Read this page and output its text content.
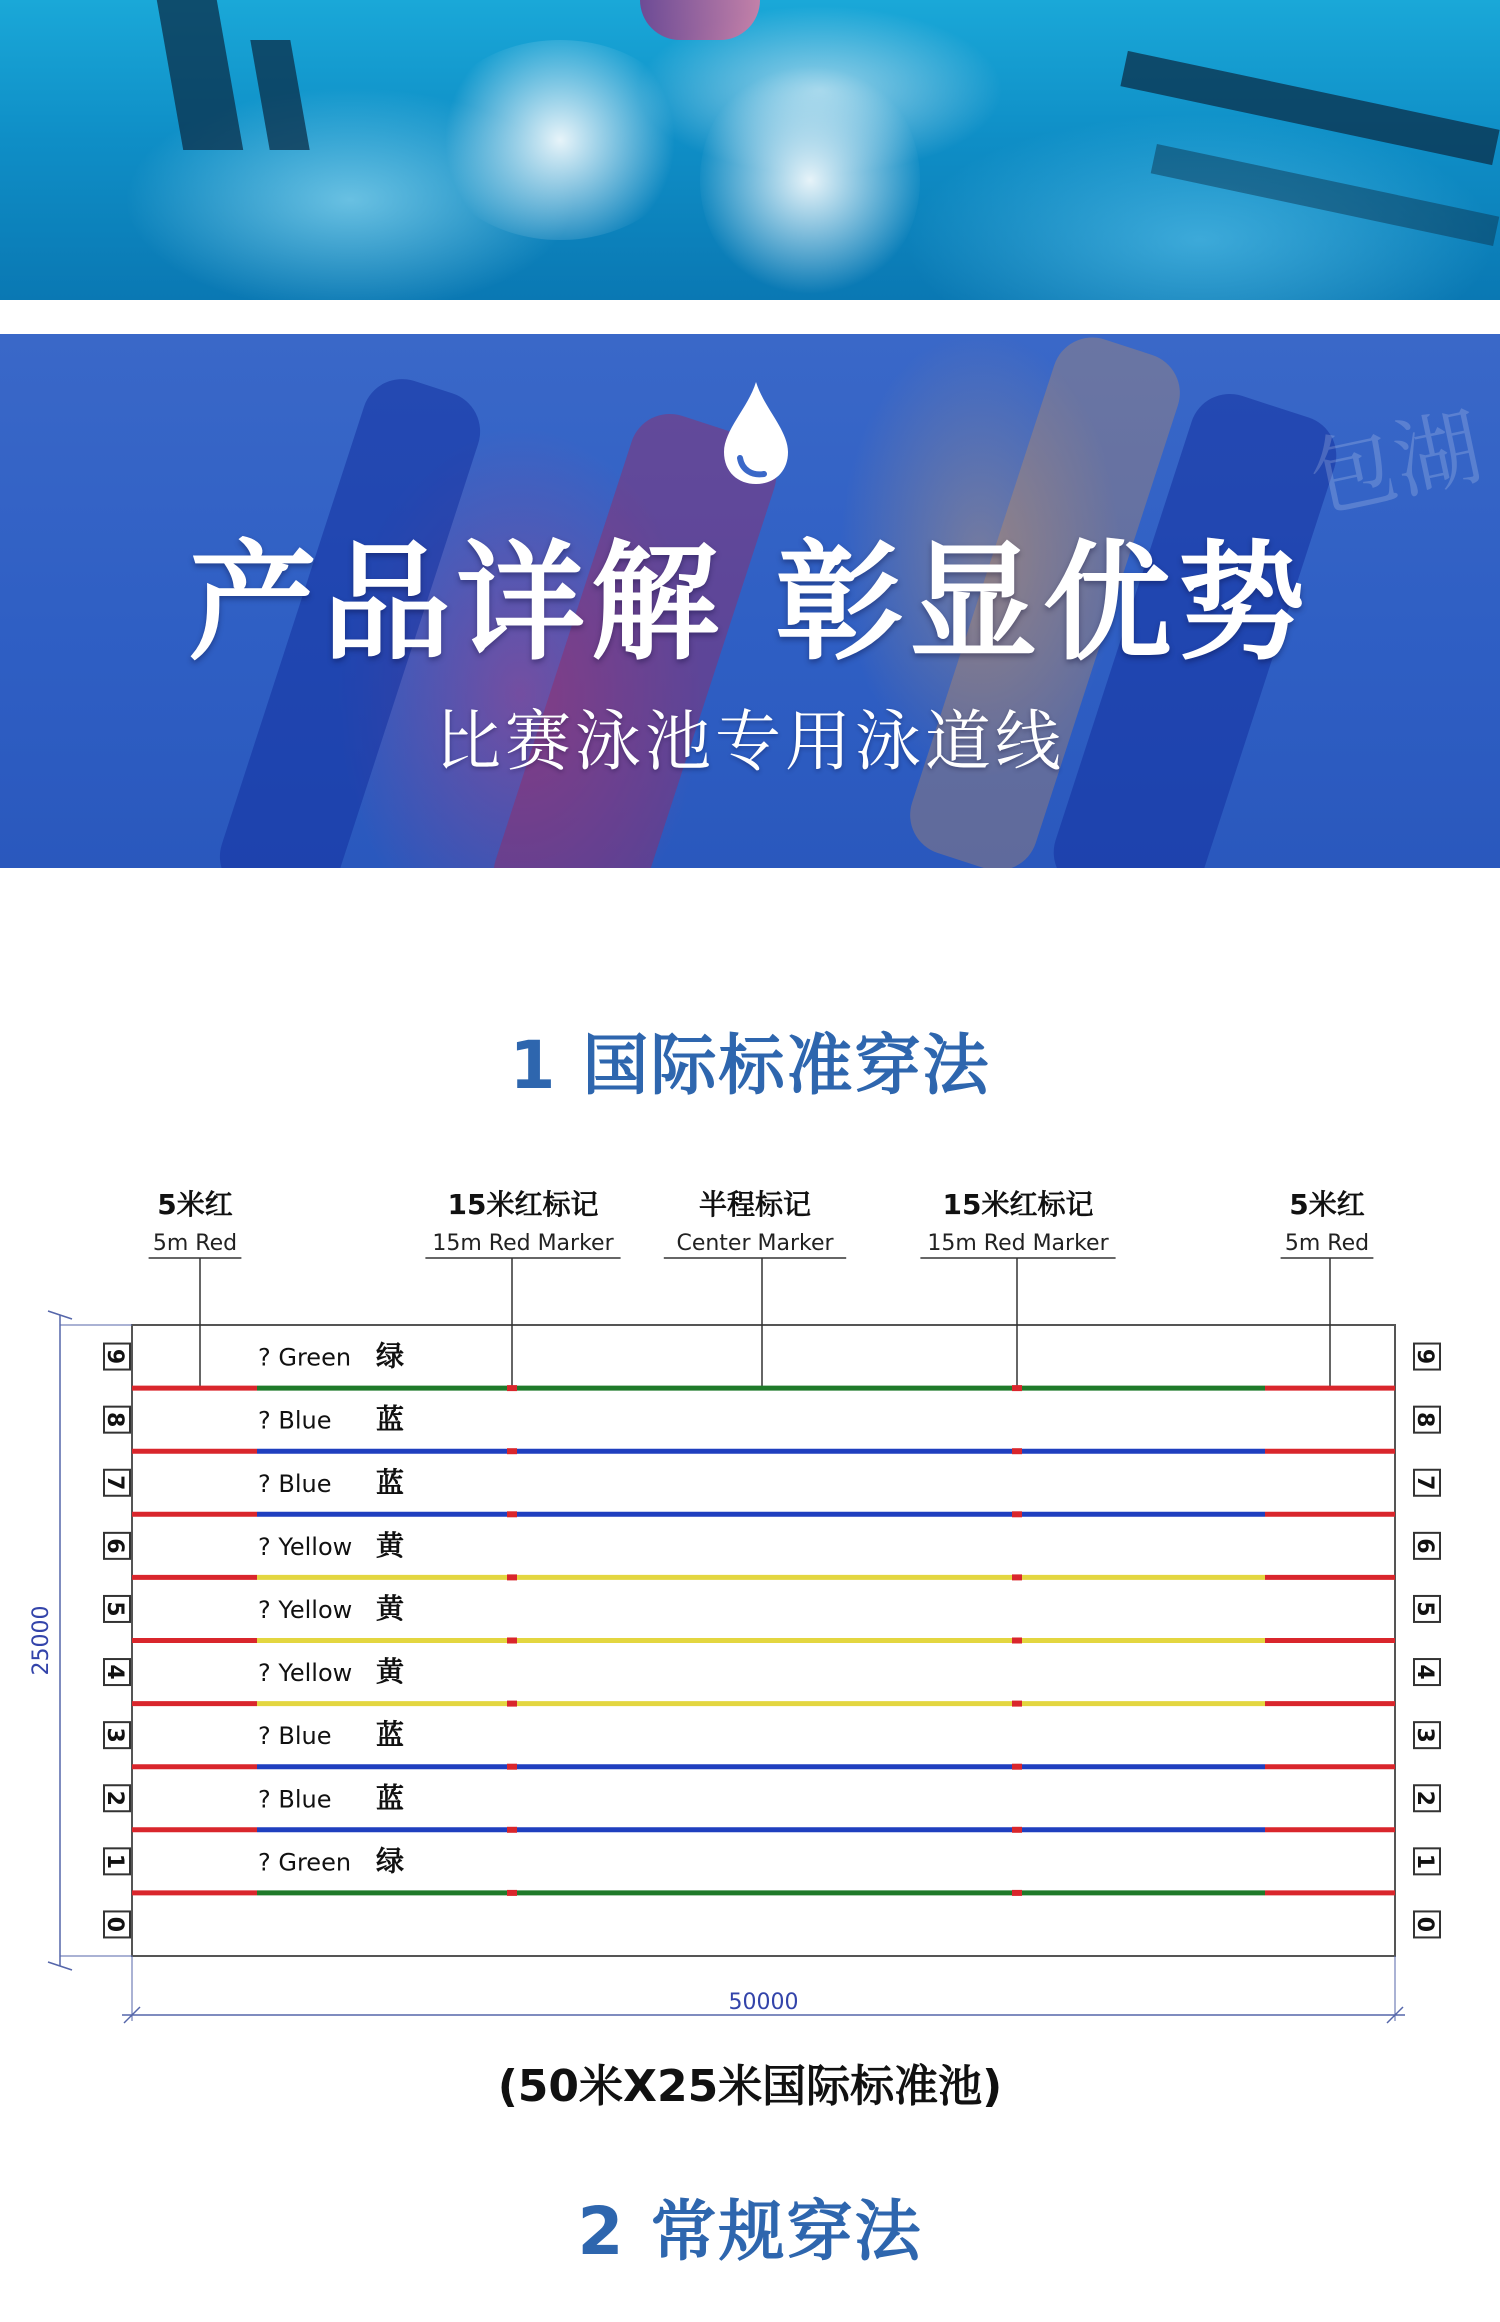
包湖
产品详解 彰显优势
比赛泳池专用泳道线
1 国际标准穿法
5米红
5m Red
15米红标记
15m Red Marker
半程标记
Center Marker
15米红标记
15m Red Marker
5米红
5m Red
9	9
8	8
7	7
6	6
5	5
4	4
3	3
2	2
1	1
0	0
? Green 绿
? Blue 蓝
? Blue 蓝
? Yellow 黄
? Yellow 黄
? Yellow 黄
? Blue 蓝
? Blue 蓝
? Green 绿
25000
50000
(50米X25米国际标准池)
2 常规穿法
